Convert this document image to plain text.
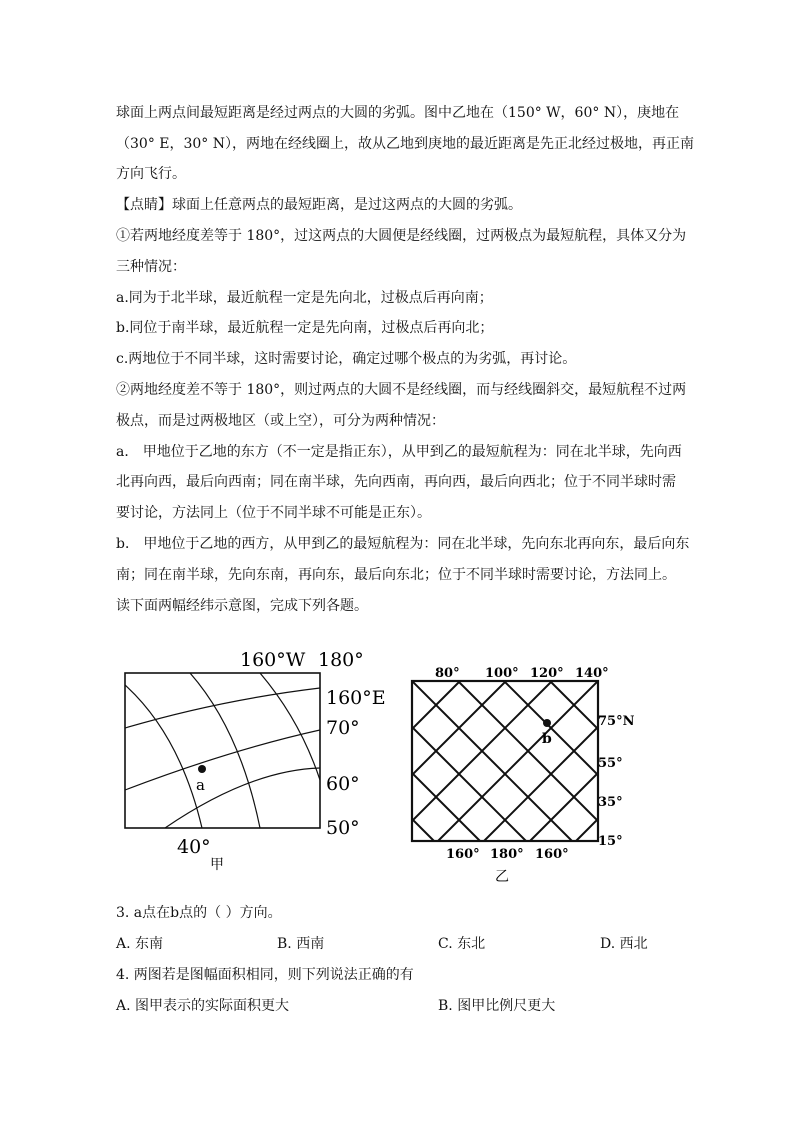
球面上两点间最短距离是经过两点的大圆的劣弧。图中乙地在（150° W，60° N），庚地在
（30° E，30° N），两地在经线圈上，故从乙地到庚地的最近距离是先正北经过极地，再正南
方向飞行。
【点睛】球面上任意两点的最短距离，是过这两点的大圆的劣弧。
①若两地经度差等于 180°，过这两点的大圆便是经线圈，过两极点为最短航程，具体又分为
三种情况：
a.同为于北半球，最近航程一定是先向北，过极点后再向南；
b.同位于南半球，最近航程一定是先向南，过极点后再向北；
c.两地位于不同半球，这时需要讨论，确定过哪个极点的为劣弧，再讨论。
②两地经度差不等于 180°，则过两点的大圆不是经线圈，而与经线圈斜交，最短航程不过两
极点，而是过两极地区（或上空），可分为两种情况：
a． 甲地位于乙地的东方（不一定是指正东），从甲到乙的最短航程为：同在北半球，先向西
北再向西，最后向西南；同在南半球，先向西南，再向西，最后向西北；位于不同半球时需
要讨论，方法同上（位于不同半球不可能是正东）。
b． 甲地位于乙地的西方，从甲到乙的最短航程为：同在北半球，先向东北再向东，最后向东
南；同在南半球，先向东南，再向东，最后向东北；位于不同半球时需要讨论，方法同上。
读下面两幅经纬示意图，完成下列各题。
a
160°W 180°
160°E
70°
60°
50°
40°
甲
b
80° 100° 120° 140°
75°N
55°
35°
15°
160° 180° 160°
乙
3. a点在b点的（ ）方向。
A. 东南	B. 西南	C. 东北	D. 西北
4. 两图若是图幅面积相同，则下列说法正确的有
A. 图甲表示的实际面积更大	B. 图甲比例尺更大
